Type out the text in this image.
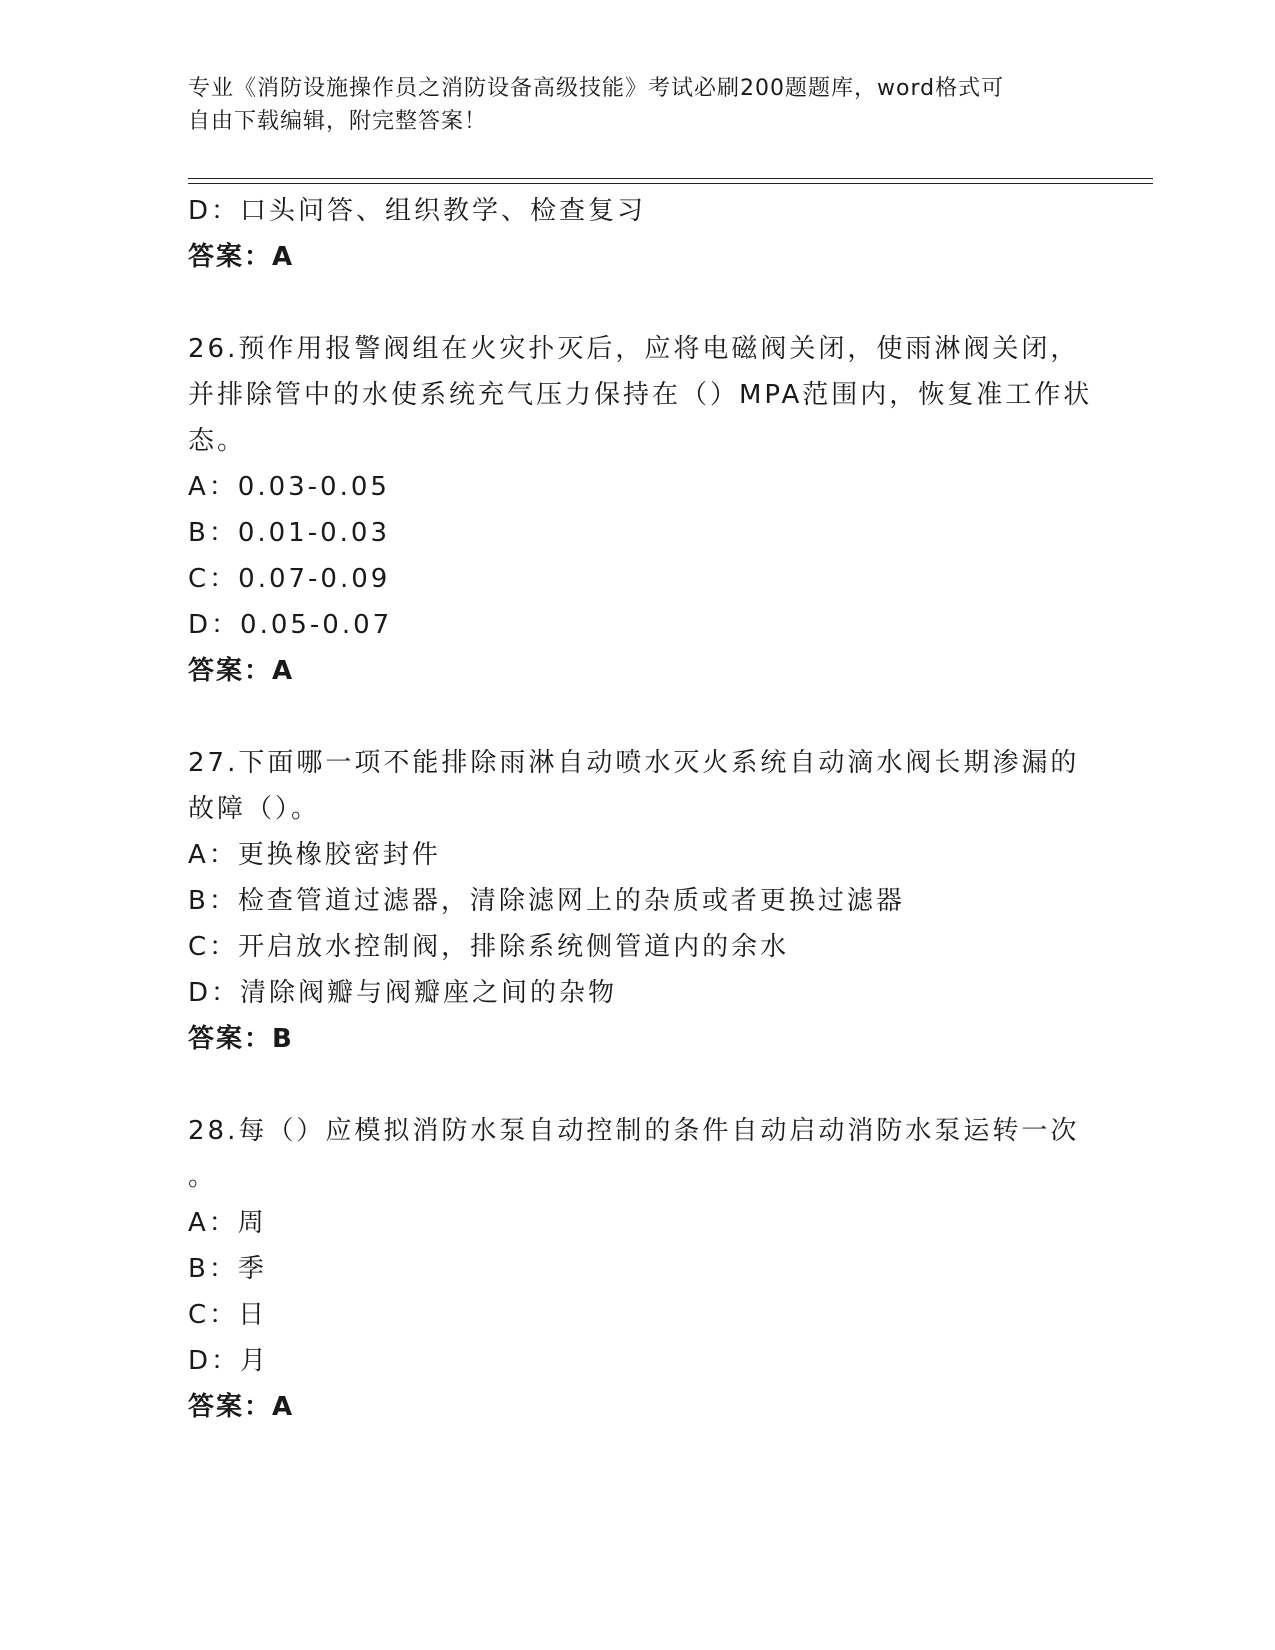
专业《消防设施操作员之消防设备高级技能》考试必刷200题题库，word格式可
自由下载编辑，附完整答案！
D：口头问答、组织教学、检查复习
答案：A
26.预作用报警阀组在火灾扑灭后，应将电磁阀关闭，使雨淋阀关闭，
并排除管中的水使系统充气压力保持在（）MPA范围内，恢复准工作状
态。
A：0.03-0.05
B：0.01-0.03
C：0.07-0.09
D：0.05-0.07
答案：A
27.下面哪一项不能排除雨淋自动喷水灭火系统自动滴水阀长期渗漏的
故障（）。
A：更换橡胶密封件
B：检查管道过滤器，清除滤网上的杂质或者更换过滤器
C：开启放水控制阀，排除系统侧管道内的余水
D：清除阀瓣与阀瓣座之间的杂物
答案：B
28.每（）应模拟消防水泵自动控制的条件自动启动消防水泵运转一次
。
A：周
B：季
C：日
D：月
答案：A
